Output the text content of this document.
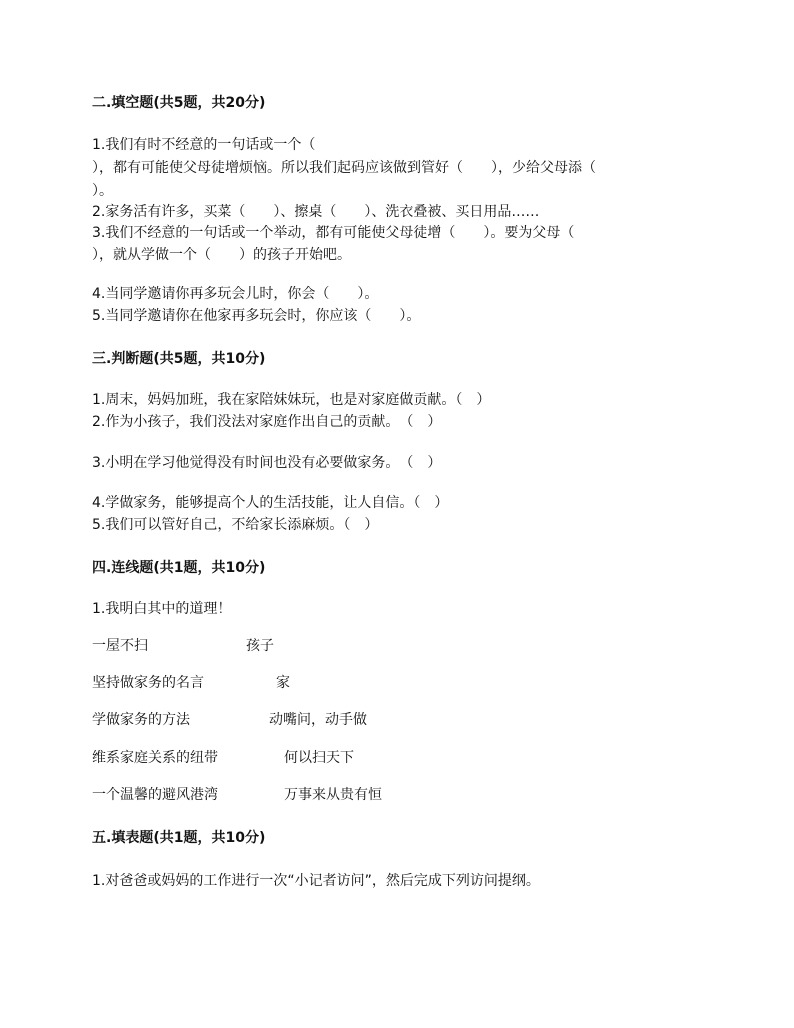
二.填空题(共5题，共20分)
1.我们有时不经意的一句话或一个（
），都有可能使父母徒增烦恼。所以我们起码应该做到管好（　　），少给父母添（
）。
2.家务活有许多，买菜（　　）、擦桌（　　）、洗衣叠被、买日用品……
3.我们不经意的一句话或一个举动，都有可能使父母徒增（　　）。要为父母（
），就从学做一个（　　）的孩子开始吧。
4.当同学邀请你再多玩会儿时，你会（　　）。
5.当同学邀请你在他家再多玩会时，你应该（　　）。
三.判断题(共5题，共10分)
1.周末，妈妈加班，我在家陪妹妹玩，也是对家庭做贡献。（　）
2.作为小孩子，我们没法对家庭作出自己的贡献。　（　）
3.小明在学习他觉得没有时间也没有必要做家务。　（　）
4.学做家务，能够提高个人的生活技能，让人自信。（　）
5.我们可以管好自己，不给家长添麻烦。（　）
四.连线题(共1题，共10分)
1.我明白其中的道理！
一屋不扫	孩子
坚持做家务的名言	家
学做家务的方法	动嘴问，动手做
维系家庭关系的纽带	何以扫天下
一个温馨的避风港湾	万事来从贵有恒
五.填表题(共1题，共10分)
1.对爸爸或妈妈的工作进行一次“小记者访问”，然后完成下列访问提纲。
